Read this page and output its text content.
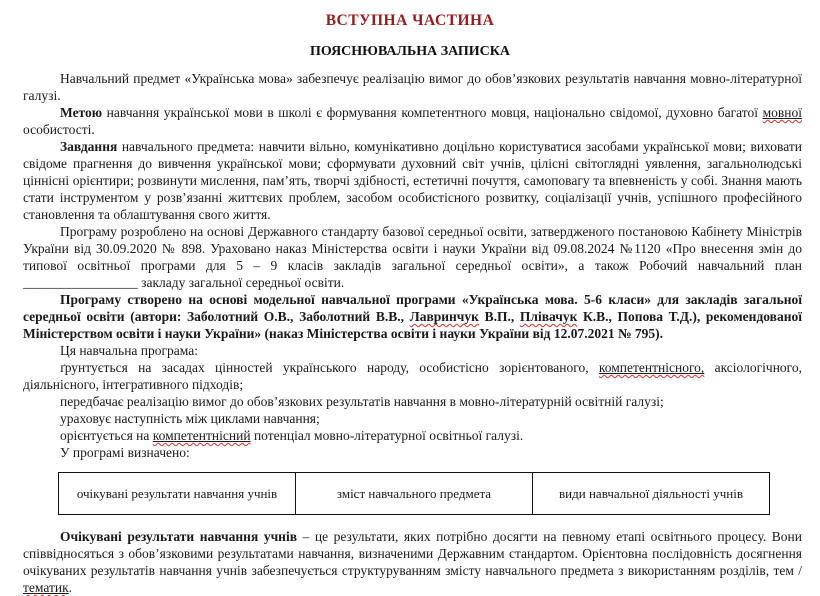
ВСТУПНА ЧАСТИНА
ПОЯСНЮВАЛЬНА ЗАПИСКА

Навчальний предмет «Українська мова» забезпечує реалізацію вимог до обов’язкових результатів навчання мовно-літературної галузі.

Метою навчання української мови в школі є формування компетентного мовця, національно свідомої, духовно багатої мовної особистості.

Завдання навчального предмета: навчити вільно, комунікативно доцільно користуватися засобами української мови; виховати свідоме прагнення до вивчення української мови; сформувати духовний світ учнів, цілісні світоглядні уявлення, загальнолюдські ціннісні орієнтири; розвинути мислення, пам’ять, творчі здібності, естетичні почуття, самоповагу та впевненість у собі. Знання мають стати інструментом у розв’язанні життєвих проблем, засобом особистісного розвитку, соціалізації учнів, успішного професійного становлення та облаштування свого життя.

Програму розроблено на основі Державного стандарту базової середньої освіти, затвердженого постановою Кабінету Міністрів України від 30.09.2020 № 898. Ураховано наказ Міністерства освіти і науки України від 09.08.2024 №1120 «Про внесення змін до типової освітньої програми для 5 – 9 класів закладів загальної середньої освіти», а також Робочий навчальний план _________________ закладу загальної середньої освіти.

Програму створено на основі модельної навчальної програми «Українська мова. 5-6 класи» для закладів загальної середньої освіти (автори: Заболотний О.В., Заболотний В.В., Лавринчук В.П., Плівачук К.В., Попова Т.Д.), рекомендованої Міністерством освіти і науки України» (наказ Міністерства освіти і науки України від 12.07.2021 № 795).

Ця навчальна програма:

ґрунтується на засадах цінностей українського народу, особистісно зорієнтованого, компетентнісного, аксіологічного, діяльнісного, інтегративного підходів;

передбачає реалізацію вимог до обов’язкових результатів навчання в мовно-літературній освітній галузі;

ураховує наступність між циклами навчання;

орієнтується на компетентнісний потенціал мовно-літературної освітньої галузі.

У програмі визначено:

очікувані результати навчання учнів	зміст навчального предмета	види навчальної діяльності учнів

Очікувані результати навчання учнів – це результати, яких потрібно досягти на певному етапі освітнього процесу. Вони співвідносяться з обов’язковими результатами навчання, визначеними Державним стандартом. Орієнтовна послідовність досягнення очікуваних результатів навчання учнів забезпечується структуруванням змісту навчального предмета з використанням розділів, тем / тематик.
